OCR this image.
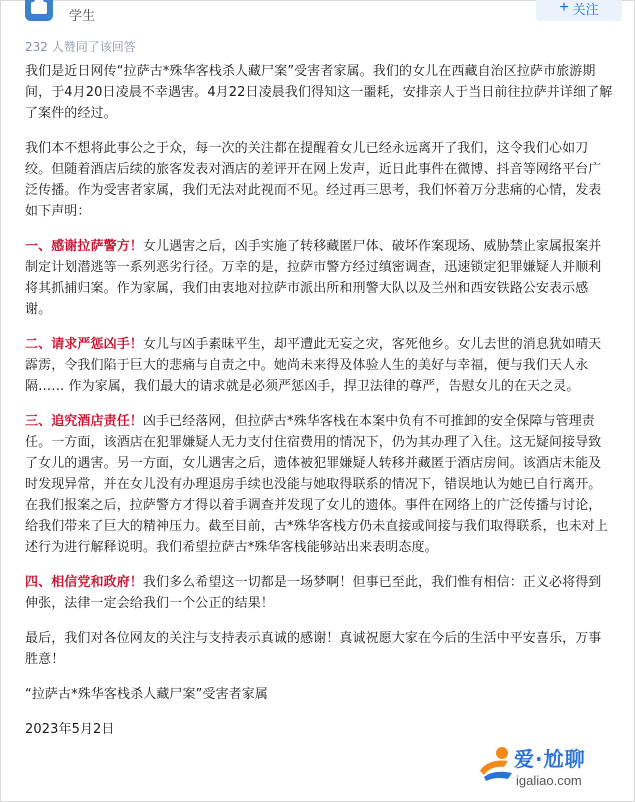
学生
+ 关注
232 人赞同了该回答

我们是近日网传“拉萨古*殊华客栈杀人藏尸案”受害者家属。我们的女儿在西藏自治区拉萨市旅游期间，于4月20日凌晨不幸遇害。4月22日凌晨我们得知这一噩耗，安排亲人于当日前往拉萨并详细了解了案件的经过。

我们本不想将此事公之于众，每一次的关注都在提醒着女儿已经永远离开了我们，这令我们心如刀绞。但随着酒店后续的旅客发表对酒店的差评开在网上发声，近日此事件在微博、抖音等网络平台广泛传播。作为受害者家属，我们无法对此视而不见。经过再三思考，我们怀着万分悲痛的心情，发表如下声明：

一、感谢拉萨警方！女儿遇害之后，凶手实施了转移藏匿尸体、破坏作案现场、威胁禁止家属报案并制定计划潜逃等一系列恶劣行径。万幸的是，拉萨市警方经过缜密调查，迅速锁定犯罪嫌疑人并顺利将其抓捕归案。作为家属，我们由衷地对拉萨市派出所和刑警大队以及兰州和西安铁路公安表示感谢。

二、请求严惩凶手！女儿与凶手素昧平生，却平遭此无妄之灾，客死他乡。女儿去世的消息犹如晴天霹雳，令我们陷于巨大的悲痛与自责之中。她尚未来得及体验人生的美好与幸福，便与我们天人永隔…… 作为家属，我们最大的请求就是必须严惩凶手，捍卫法律的尊严，告慰女儿的在天之灵。

三、追究酒店责任！凶手已经落网，但拉萨古*殊华客栈在本案中负有不可推卸的安全保障与管理责任。一方面，该酒店在犯罪嫌疑人无力支付住宿费用的情况下，仍为其办理了入住。这无疑间接导致了女儿的遇害。另一方面，女儿遇害之后，遗体被犯罪嫌疑人转移并藏匿于酒店房间。该酒店未能及时发现异常，并在女儿没有办理退房手续也没能与她取得联系的情况下，错误地认为她已自行离开。在我们报案之后，拉萨警方才得以着手调查并发现了女儿的遗体。事件在网络上的广泛传播与讨论，给我们带来了巨大的精神压力。截至目前，古*殊华客栈方仍未直接或间接与我们取得联系，也未对上述行为进行解释说明。我们希望拉萨古*殊华客栈能够站出来表明态度。

四、相信党和政府！我们多么希望这一切都是一场梦啊！但事已至此，我们惟有相信：正义必将得到伸张，法律一定会给我们一个公正的结果！

最后，我们对各位网友的关注与支持表示真诚的感谢！真诚祝愿大家在今后的生活中平安喜乐，万事胜意！

“拉萨古*殊华客栈杀人藏尸案”受害者家属

2023年5月2日

爱·尬聊
igaliao.com
